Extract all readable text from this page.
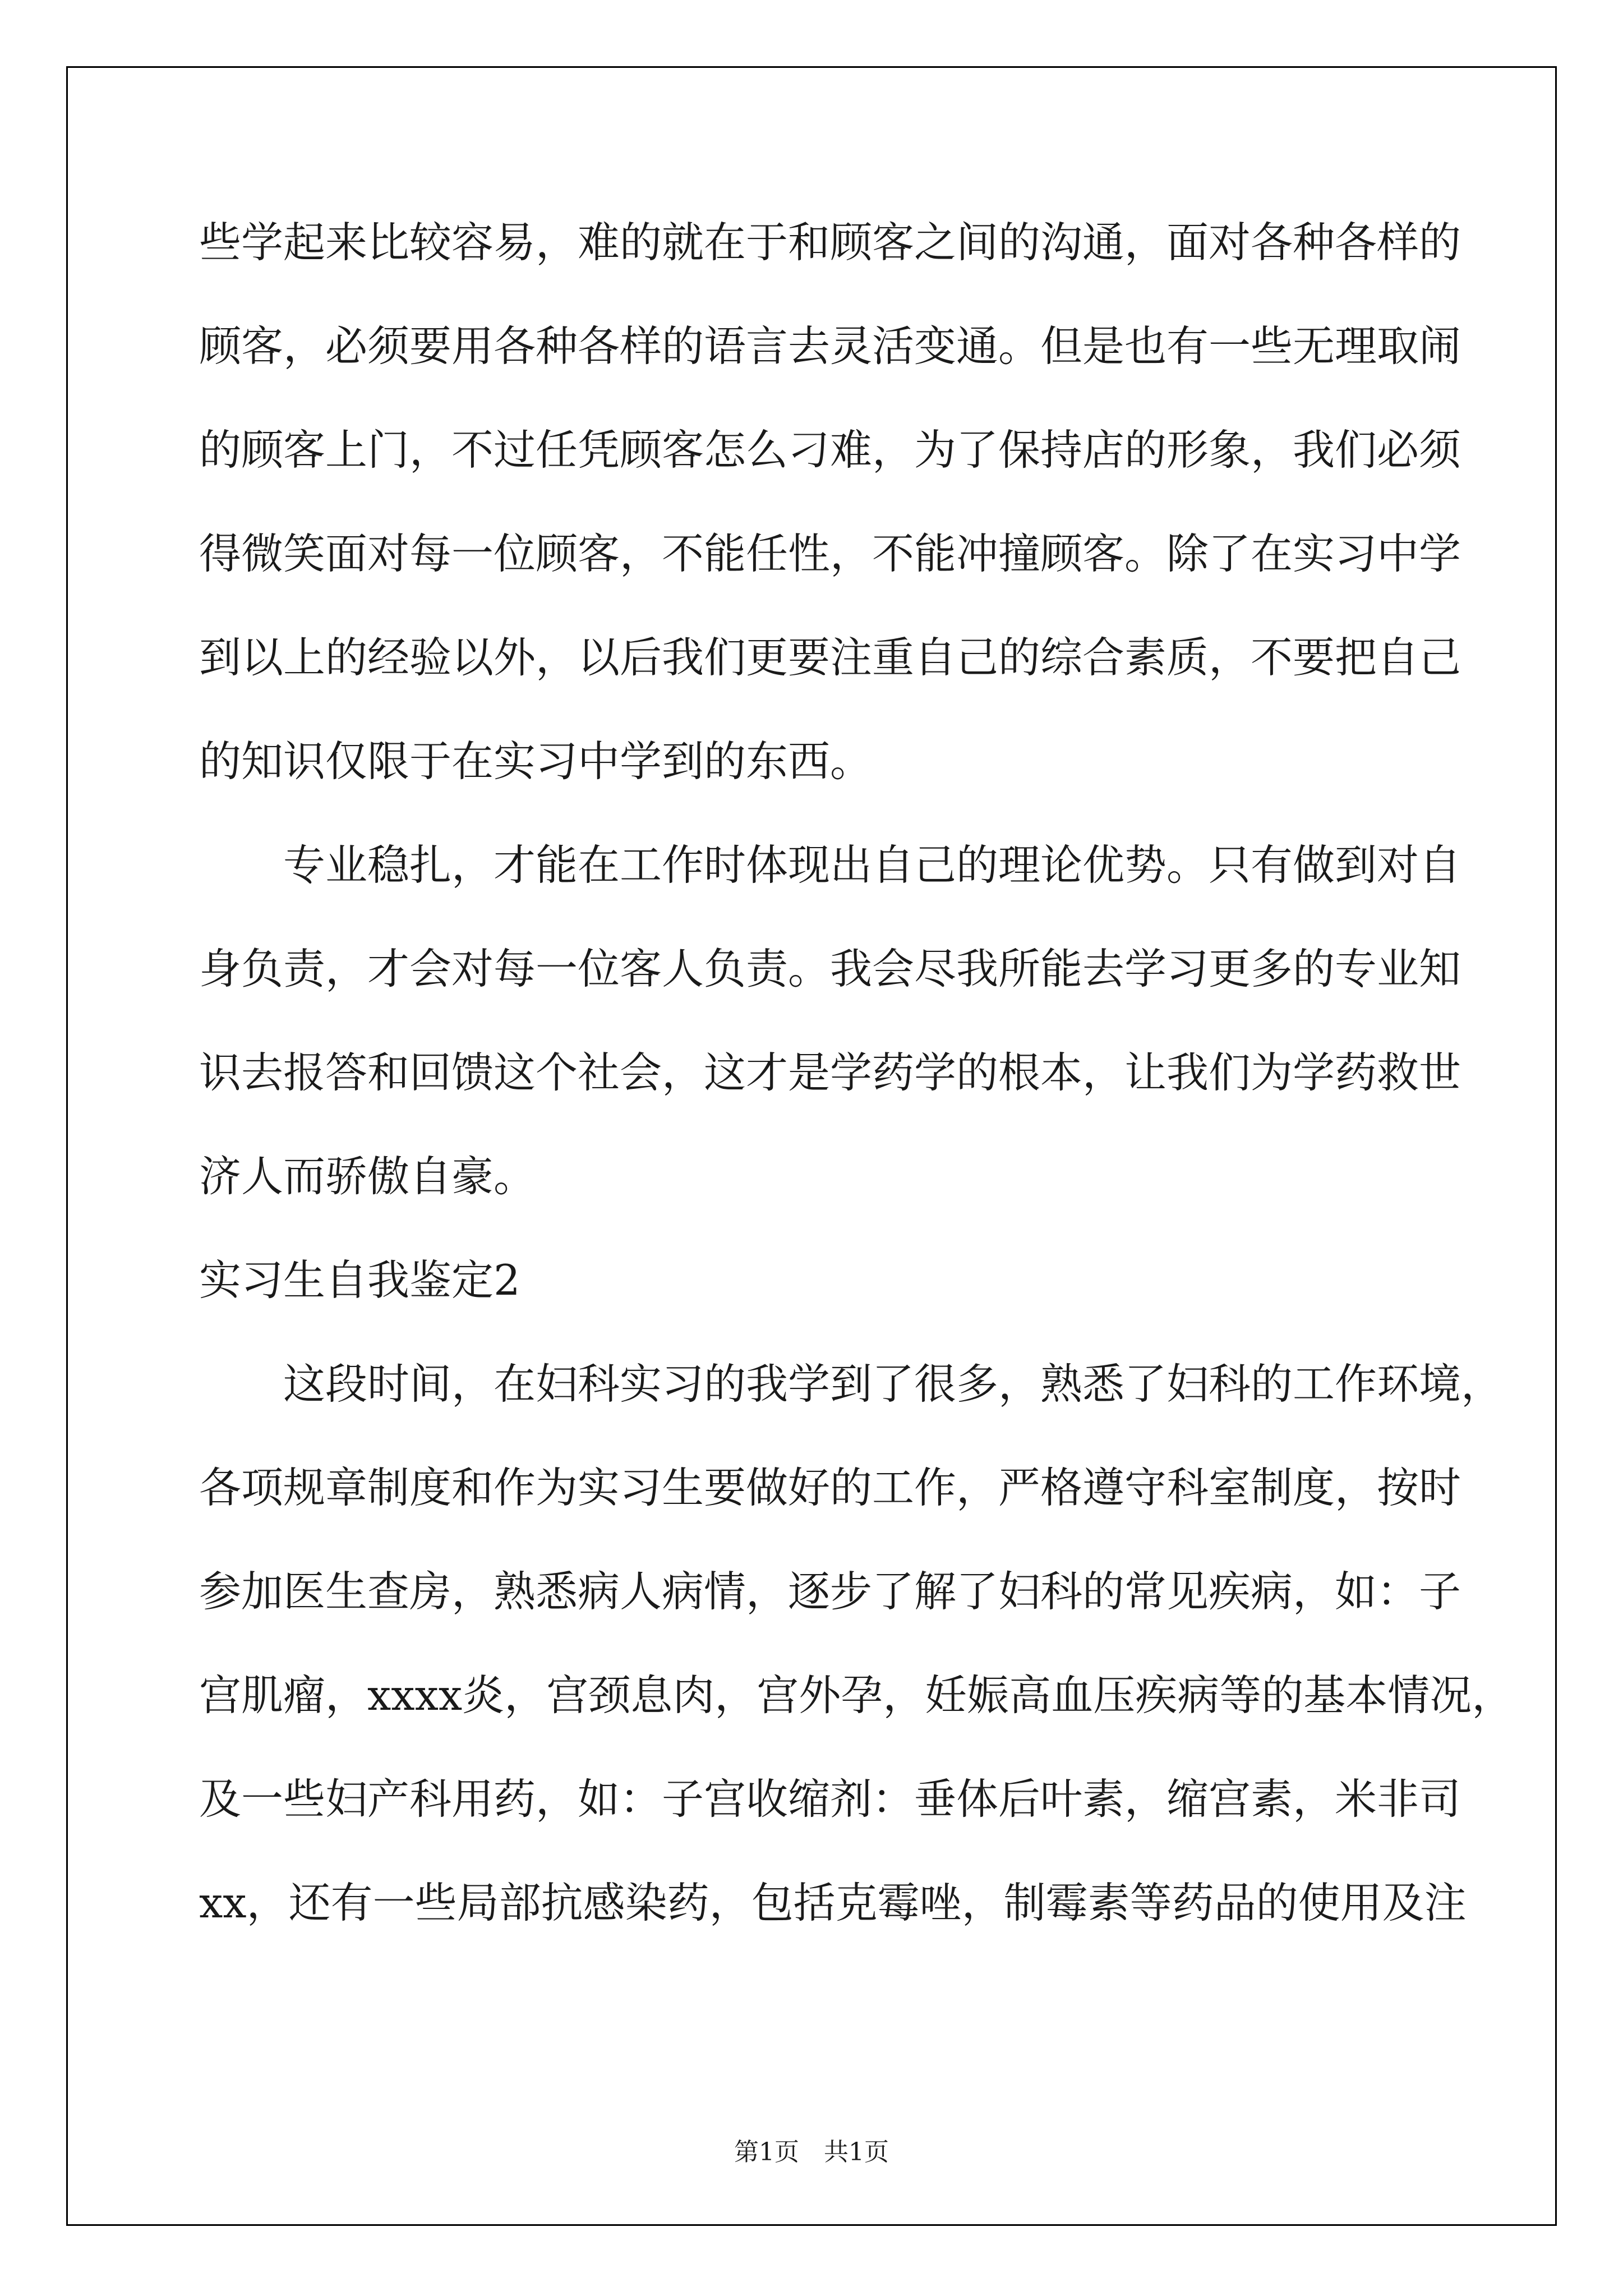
些学起来比较容易，难的就在于和顾客之间的沟通，面对各种各样的
顾客，必须要用各种各样的语言去灵活变通。但是也有一些无理取闹
的顾客上门，不过任凭顾客怎么刁难，为了保持店的形象，我们必须
得微笑面对每一位顾客，不能任性，不能冲撞顾客。除了在实习中学
到以上的经验以外，以后我们更要注重自己的综合素质，不要把自己
的知识仅限于在实习中学到的东西。
专业稳扎，才能在工作时体现出自己的理论优势。只有做到对自
身负责，才会对每一位客人负责。我会尽我所能去学习更多的专业知
识去报答和回馈这个社会，这才是学药学的根本，让我们为学药救世
济人而骄傲自豪。
实习生自我鉴定2
这段时间，在妇科实习的我学到了很多，熟悉了妇科的工作环境，
各项规章制度和作为实习生要做好的工作，严格遵守科室制度，按时
参加医生查房，熟悉病人病情，逐步了解了妇科的常见疾病，如：子
宫肌瘤，xxxx炎，宫颈息肉，宫外孕，妊娠高血压疾病等的基本情况，
及一些妇产科用药，如：子宫收缩剂：垂体后叶素，缩宫素，米非司
xx，还有一些局部抗感染药，包括克霉唑，制霉素等药品的使用及注
第1页　共1页
